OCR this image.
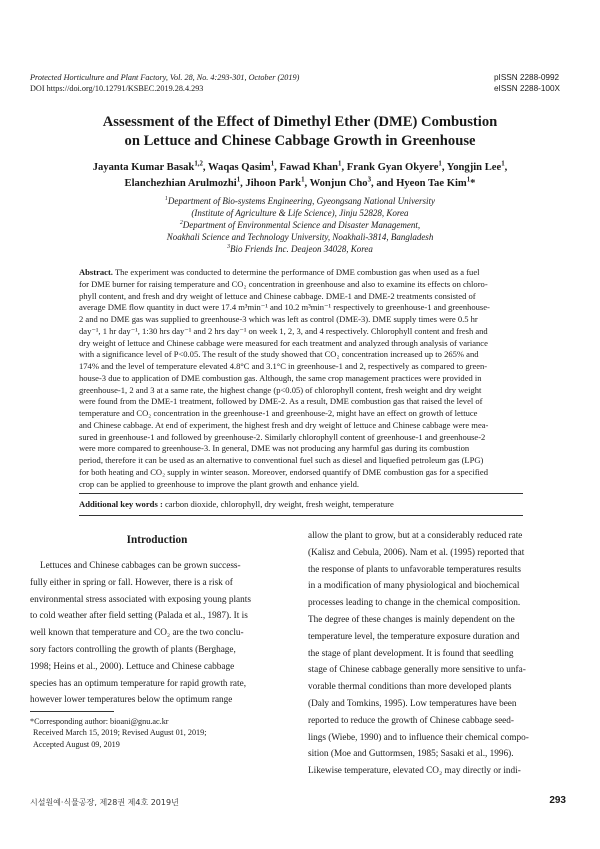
Protected Horticulture and Plant Factory, Vol. 28, No. 4:293-301, October (2019)
DOI https://doi.org/10.12791/KSBEC.2019.28.4.293
pISSN 2288-0992
eISSN 2288-100X
Assessment of the Effect of Dimethyl Ether (DME) Combustion
on Lettuce and Chinese Cabbage Growth in Greenhouse
Jayanta Kumar Basak$^{1,2}$, Waqas Qasim$^1$, Fawad Khan$^1$, Frank Gyan Okyere$^1$, Yongjin Lee$^1$,
Elanchezhian Arulmozhi$^1$, Jihoon Park$^1$, Wonjun Cho$^3$, and Hyeon Tae Kim$^1$*
$^1$Department of Bio-systems Engineering, Gyeongsang National University
(Institute of Agriculture & Life Science), Jinju 52828, Korea
$^2$Department of Environmental Science and Disaster Management,
Noakhali Science and Technology University, Noakhali-3814, Bangladesh
$^3$Bio Friends Inc. Deajeon 34028, Korea
Abstract. The experiment was conducted to determine the performance of DME combustion gas when used as a fuel
for DME burner for raising temperature and CO₂ concentration in greenhouse and also to examine its effects on chloro-
phyll content, and fresh and dry weight of lettuce and Chinese cabbage. DME-1 and DME-2 treatments consisted of
average DME flow quantity in duct were 17.4 m³min⁻¹ and 10.2 m³min⁻¹ respectively to greenhouse-1 and greenhouse-
2 and no DME gas was supplied to greenhouse-3 which was left as control (DME-3). DME supply times were 0.5 hr
day⁻¹, 1 hr day⁻¹, 1:30 hrs day⁻¹ and 2 hrs day⁻¹ on week 1, 2, 3, and 4 respectively. Chlorophyll content and fresh and
dry weight of lettuce and Chinese cabbage were measured for each treatment and analyzed through analysis of variance
with a significance level of P<0.05. The result of the study showed that CO₂ concentration increased up to 265% and
174% and the level of temperature elevated 4.8°C and 3.1°C in greenhouse-1 and 2, respectively as compared to green-
house-3 due to application of DME combustion gas. Although, the same crop management practices were provided in
greenhouse-1, 2 and 3 at a same rate, the highest change (p<0.05) of chlorophyll content, fresh weight and dry weight
were found from the DME-1 treatment, followed by DME-2. As a result, DME combustion gas that raised the level of
temperature and CO₂ concentration in the greenhouse-1 and greenhouse-2, might have an effect on growth of lettuce
and Chinese cabbage. At end of experiment, the highest fresh and dry weight of lettuce and Chinese cabbage were mea-
sured in greenhouse-1 and followed by greenhouse-2. Similarly chlorophyll content of greenhouse-1 and greenhouse-2
were more compared to greenhouse-3. In general, DME was not producing any harmful gas during its combustion
period, therefore it can be used as an alternative to conventional fuel such as diesel and liquefied petroleum gas (LPG)
for both heating and CO₂ supply in winter season. Moreover, endorsed quantify of DME combustion gas for a specified
crop can be applied to greenhouse to improve the plant growth and enhance yield.
Additional key words : carbon dioxide, chlorophyll, dry weight, fresh weight, temperature
Introduction
Lettuces and Chinese cabbages can be grown success-
fully either in spring or fall. However, there is a risk of
environmental stress associated with exposing young plants
to cold weather after field setting (Palada et al., 1987). It is
well known that temperature and CO₂ are the two conclu-
sory factors controlling the growth of plants (Berghage,
1998; Heins et al., 2000). Lettuce and Chinese cabbage
species has an optimum temperature for rapid growth rate,
however lower temperatures below the optimum range
allow the plant to grow, but at a considerably reduced rate
(Kalisz and Cebula, 2006). Nam et al. (1995) reported that
the response of plants to unfavorable temperatures results
in a modification of many physiological and biochemical
processes leading to change in the chemical composition.
The degree of these changes is mainly dependent on the
temperature level, the temperature exposure duration and
the stage of plant development. It is found that seedling
stage of Chinese cabbage generally more sensitive to unfa-
vorable thermal conditions than more developed plants
(Daly and Tomkins, 1995). Low temperatures have been
reported to reduce the growth of Chinese cabbage seed-
lings (Wiebe, 1990) and to influence their chemical compo-
sition (Moe and Guttormsen, 1985; Sasaki et al., 1996).
Likewise temperature, elevated CO₂ may directly or indi-
*Corresponding author: bioani@gnu.ac.kr
Received March 15, 2019; Revised August 01, 2019;
Accepted August 09, 2019
시설원예·식물공장, 제28권 제4호 2019년	293
